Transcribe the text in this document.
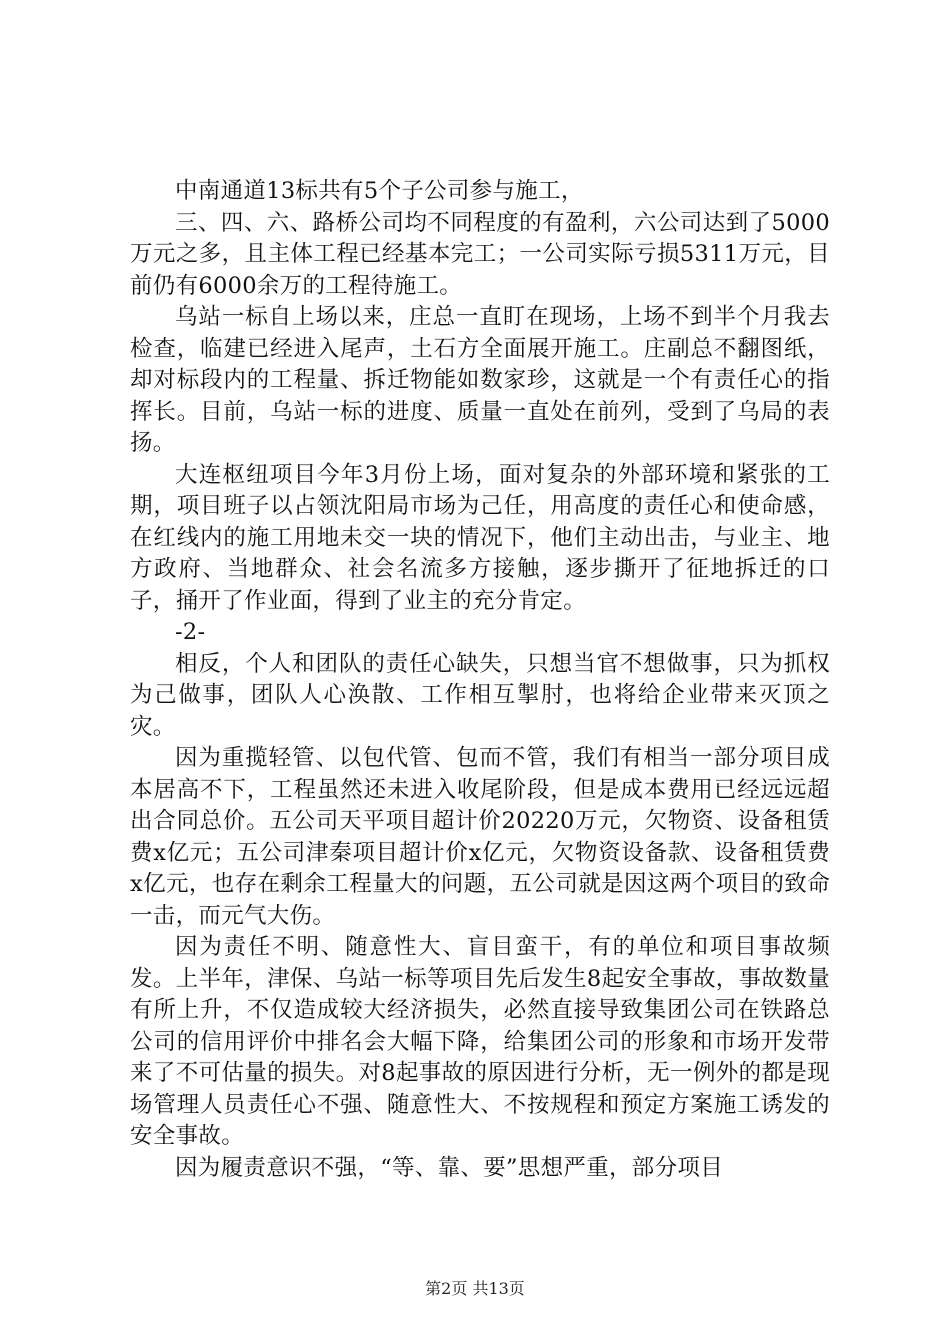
中南通道13标共有5个子公司参与施工，

三、四、六、路桥公司均不同程度的有盈利，六公司达到了5000万元之多，且主体工程已经基本完工；一公司实际亏损5311万元，目前仍有6000余万的工程待施工。

乌站一标自上场以来，庄总一直盯在现场，上场不到半个月我去检查，临建已经进入尾声，土石方全面展开施工。庄副总不翻图纸，却对标段内的工程量、拆迁物能如数家珍，这就是一个有责任心的指挥长。目前，乌站一标的进度、质量一直处在前列，受到了乌局的表扬。

大连枢纽项目今年3月份上场，面对复杂的外部环境和紧张的工期，项目班子以占领沈阳局市场为己任，用高度的责任心和使命感，在红线内的施工用地未交一块的情况下，他们主动出击，与业主、地方政府、当地群众、社会名流多方接触，逐步撕开了征地拆迁的口子，捅开了作业面，得到了业主的充分肯定。

-2-

相反，个人和团队的责任心缺失，只想当官不想做事，只为抓权为己做事，团队人心涣散、工作相互掣肘，也将给企业带来灭顶之灾。

因为重揽轻管、以包代管、包而不管，我们有相当一部分项目成本居高不下，工程虽然还未进入收尾阶段，但是成本费用已经远远超出合同总价。五公司天平项目超计价20220万元，欠物资、设备租赁费x亿元；五公司津秦项目超计价x亿元，欠物资设备款、设备租赁费x亿元，也存在剩余工程量大的问题，五公司就是因这两个项目的致命一击，而元气大伤。

因为责任不明、随意性大、盲目蛮干，有的单位和项目事故频发。上半年，津保、乌站一标等项目先后发生8起安全事故，事故数量有所上升，不仅造成较大经济损失，必然直接导致集团公司在铁路总公司的信用评价中排名会大幅下降，给集团公司的形象和市场开发带来了不可估量的损失。对8起事故的原因进行分析，无一例外的都是现场管理人员责任心不强、随意性大、不按规程和预定方案施工诱发的安全事故。

因为履责意识不强，“等、靠、要”思想严重，部分项目

第2页 共13页
